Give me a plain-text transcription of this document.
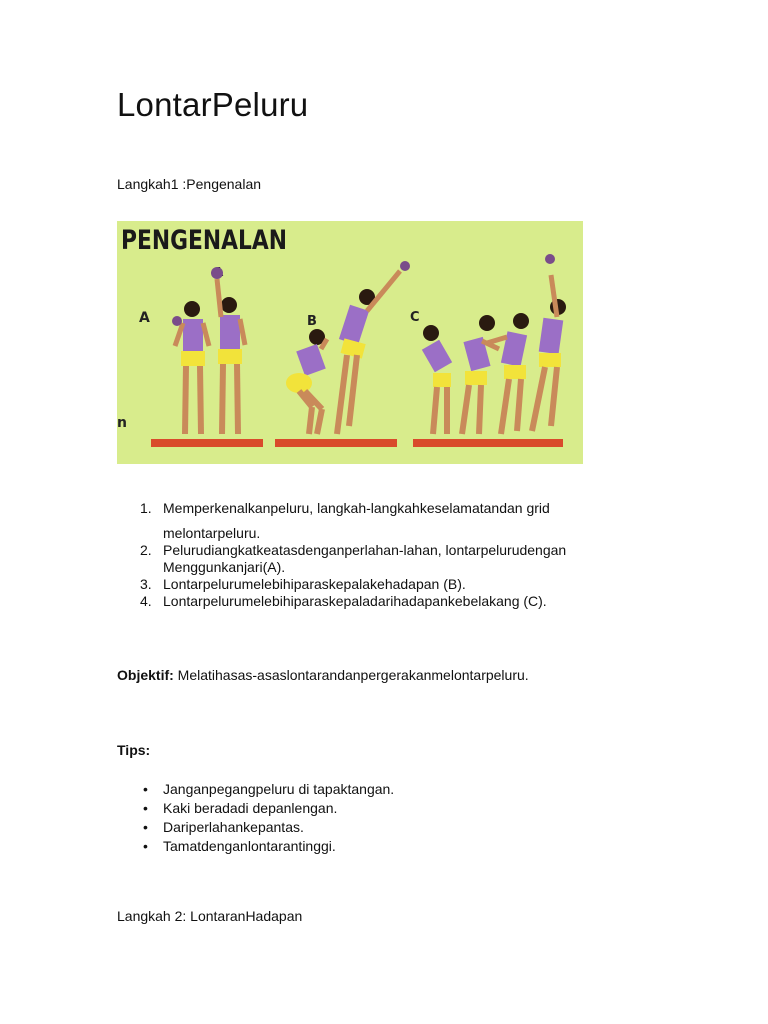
LontarPeluru
Langkah1 :Pengenalan
PENGENALAN
A	B	C
n
1. Memperkenalkanpeluru, langkah-langkahkeselamatandan grid
melontarpeluru.
2. Pelurudiangkatkeatasdenganperlahan-lahan, lontarpelurudengan
Menggunkanjari(A).
3. Lontarpelurumelebihiparaskepalakehadapan (B).
4. Lontarpelurumelebihiparaskepaladarihadapankebelakang (C).
Objektif: Melatihasas-asaslontarandanpergerakanmelontarpeluru.
Tips:
• Janganpegangpeluru di tapaktangan.
• Kaki beradadi depanlengan.
• Dariperlahankepantas.
• Tamatdenganlontarantinggi.
Langkah 2: LontaranHadapan
